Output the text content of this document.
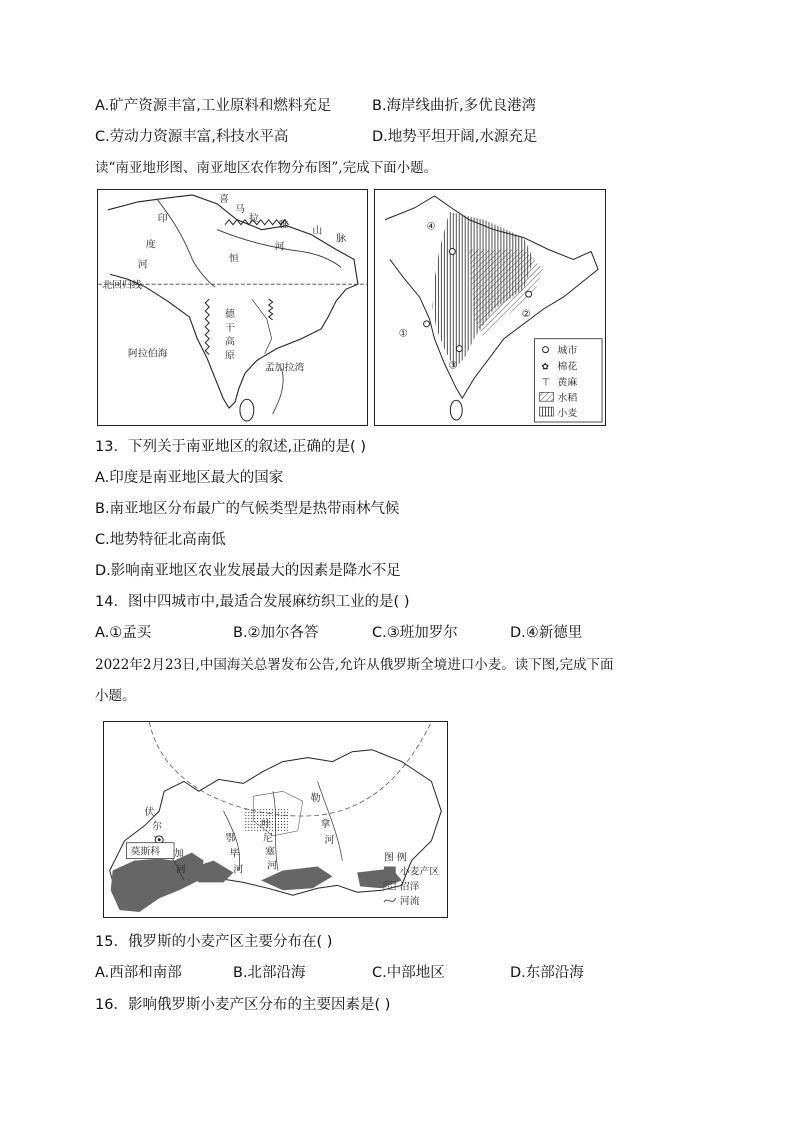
A.矿产资源丰富,工业原料和燃料充足	B.海岸线曲折,多优良港湾
C.劳动力资源丰富,科技水平高	D.地势平坦开阔,水源充足
读“南亚地形图、南亚地区农作物分布图”,完成下面小题。
喜
马
拉
雅
山
脉
印
度
河
恒
河
北回归线
德
干
高
原
阿拉伯海
孟加拉湾
④
②
①
③
城市
✿ 棉花
⊤ 黄麻
水稻
小麦
13．下列关于南亚地区的叙述,正确的是( )
A.印度是南亚地区最大的国家
B.南亚地区分布最广的气候类型是热带雨林气候
C.地势特征北高南低
D.影响南亚地区农业发展最大的因素是降水不足
14．图中四城市中,最适合发展麻纺织工业的是( )
A.①孟买	B.②加尔各答	C.③班加罗尔	D.④新德里
2022年2月23日,中国海关总署发布公告,允许从俄罗斯全境进口小麦。读下图,完成下面
小题。
莫斯科
伏
尔
加
河
鄂
毕
河
叶
尼
塞
河
勒
拿
河
图 例
小麦产区
沼泽
河流
15．俄罗斯的小麦产区主要分布在( )
A.西部和南部	B.北部沿海	C.中部地区	D.东部沿海
16．影响俄罗斯小麦产区分布的主要因素是( )
